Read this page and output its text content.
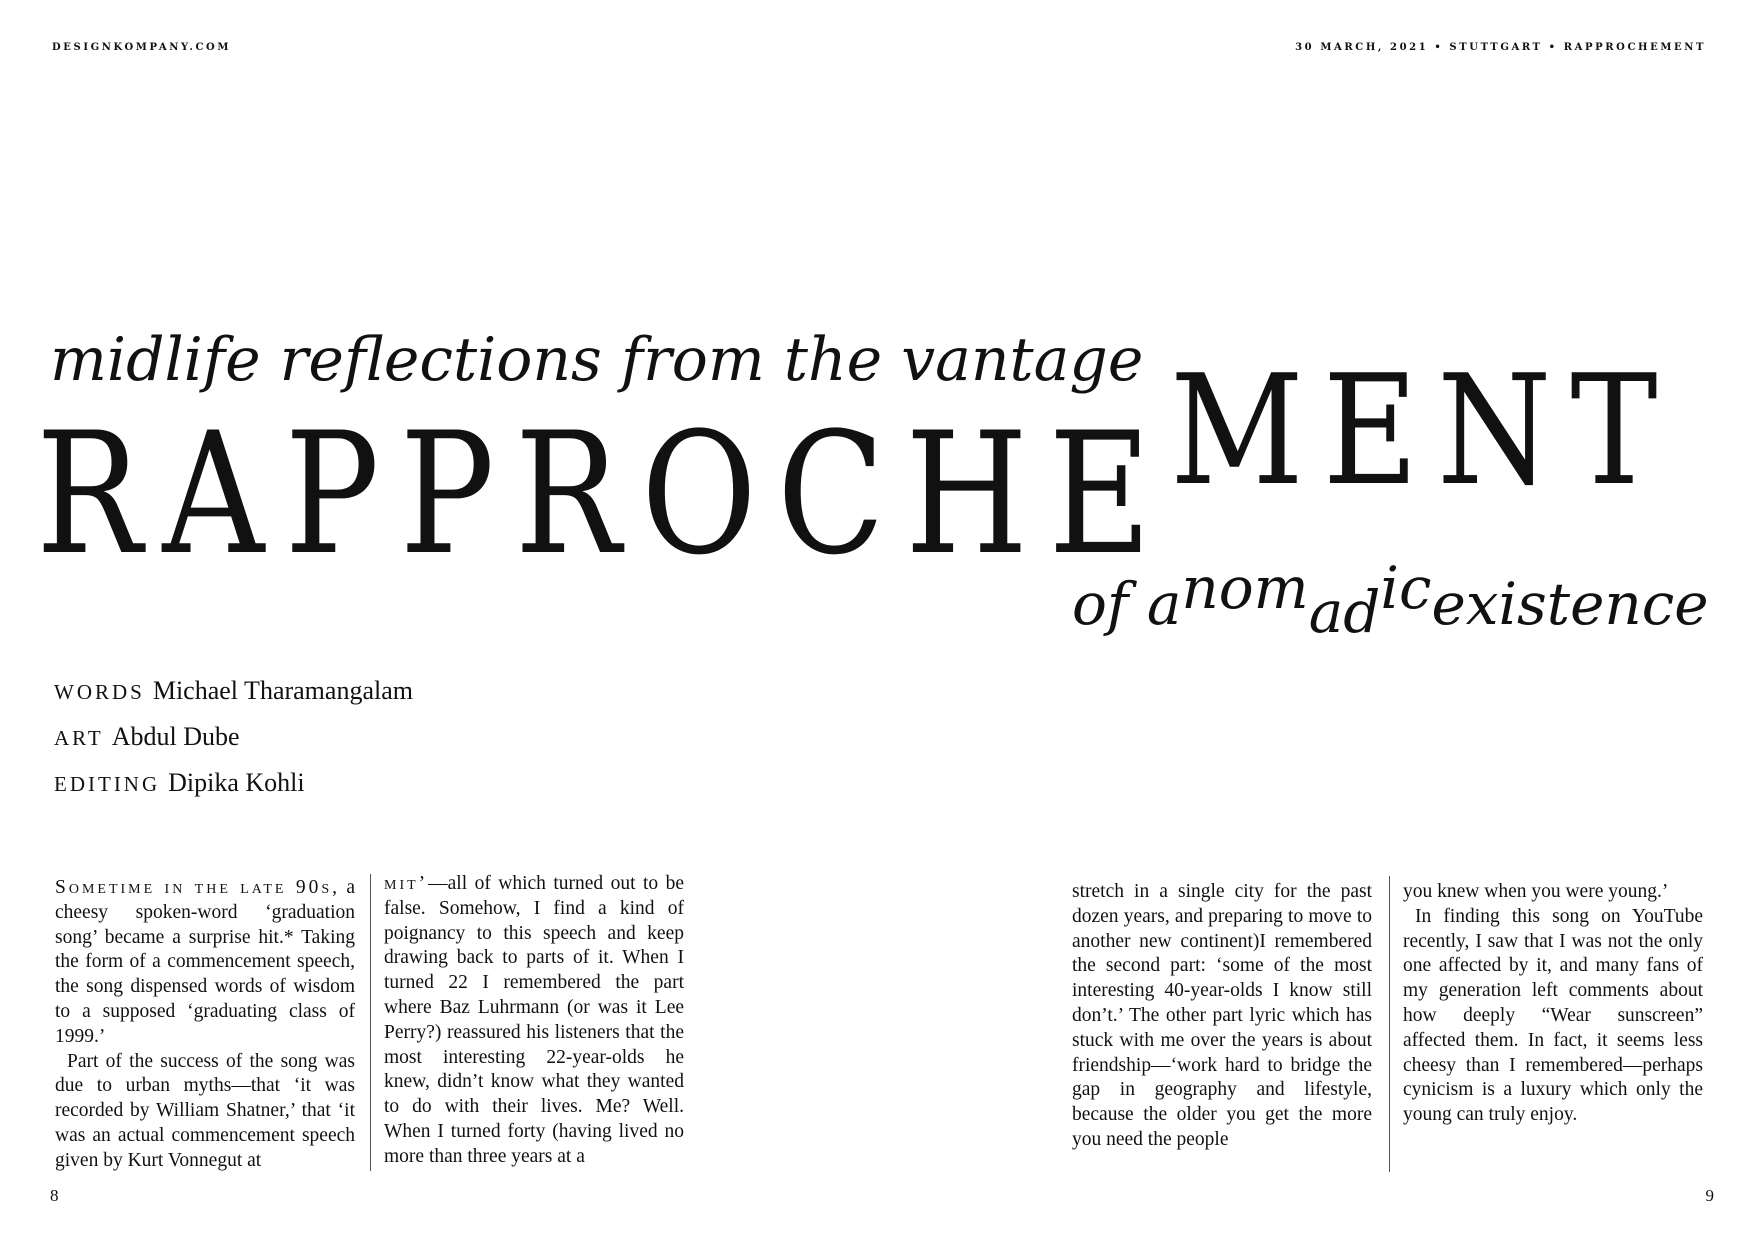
DESIGNKOMPANY.COM	30 MARCH, 2021 • STUTTGART • RAPPROCHEMENT
midlife reflections from the vantage
RAPPROCHE
MENT
of anomadicexistence
WORDS Michael Tharamangalam
ART Abdul Dube
EDITING Dipika Kohli

Sometime in the late 90s, a cheesy spoken-word ‘graduation song’ became a surprise hit.* Taking the form of a commencement speech, the song dispensed words of wisdom to a supposed ‘graduating class of 1999.’

Part of the success of the song was due to urban myths—that ‘it was recorded by William Shatner,’ that ‘it was an actual commencement speech given by Kurt Vonnegut at

mit’—all of which turned out to be false. Somehow, I find a kind of poignancy to this speech and keep drawing back to parts of it. When I turned 22 I remembered the part where Baz Luhrmann (or was it Lee Perry?) reassured his listeners that the most interesting 22-year-olds he knew, didn’t know what they wanted to do with their lives. Me? Well. When I turned forty (having lived no more than three years at a

stretch in a single city for the past dozen years, and preparing to move to another new continent)I remembered the second part: ‘some of the most interesting 40-year-olds I know still don’t.’ The other part lyric which has stuck with me over the years is about friendship—‘work hard to bridge the gap in geography and lifestyle, because the older you get the more you need the people

you knew when you were young.’

In finding this song on YouTube recently, I saw that I was not the only one affected by it, and many fans of my generation left comments about how deeply “Wear sunscreen” affected them. In fact, it seems less cheesy than I remembered—perhaps cynicism is a luxury which only the young can truly enjoy.

8	9
